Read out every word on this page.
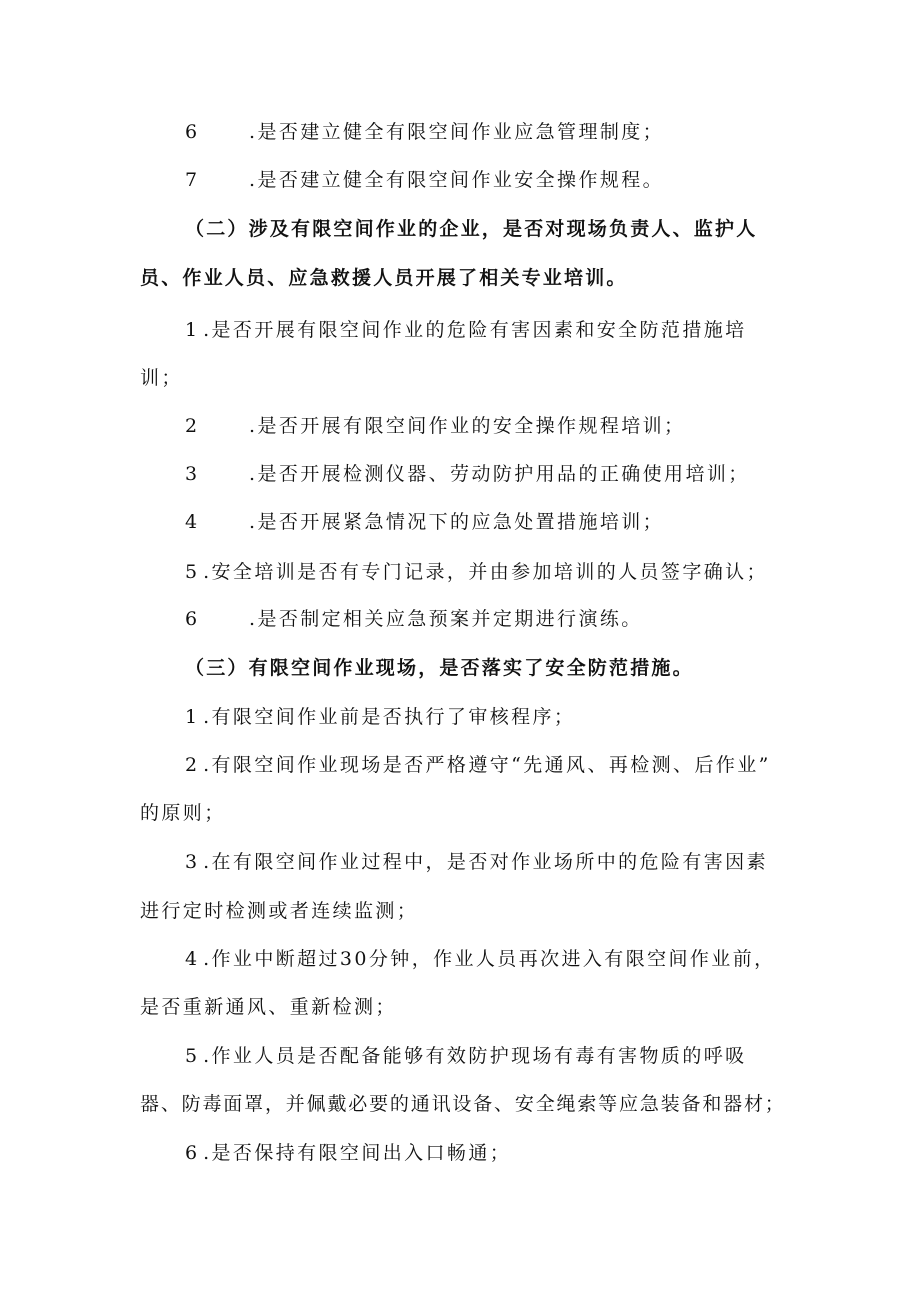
6	.是否建立健全有限空间作业应急管理制度；
7	.是否建立健全有限空间作业安全操作规程。
（二）涉及有限空间作业的企业，是否对现场负责人、监护人
员、作业人员、应急救援人员开展了相关专业培训。
1 .是否开展有限空间作业的危险有害因素和安全防范措施培
训；
2	.是否开展有限空间作业的安全操作规程培训；
3	.是否开展检测仪器、劳动防护用品的正确使用培训；
4	.是否开展紧急情况下的应急处置措施培训；
5 .安全培训是否有专门记录，并由参加培训的人员签字确认；
6	.是否制定相关应急预案并定期进行演练。
（三）有限空间作业现场，是否落实了安全防范措施。
1 .有限空间作业前是否执行了审核程序；
2 .有限空间作业现场是否严格遵守“先通风、再检测、后作业”
的原则；
3 .在有限空间作业过程中，是否对作业场所中的危险有害因素
进行定时检测或者连续监测；
4 .作业中断超过30分钟，作业人员再次进入有限空间作业前，
是否重新通风、重新检测；
5 .作业人员是否配备能够有效防护现场有毒有害物质的呼吸
器、防毒面罩，并佩戴必要的通讯设备、安全绳索等应急装备和器材；
6 .是否保持有限空间出入口畅通；
